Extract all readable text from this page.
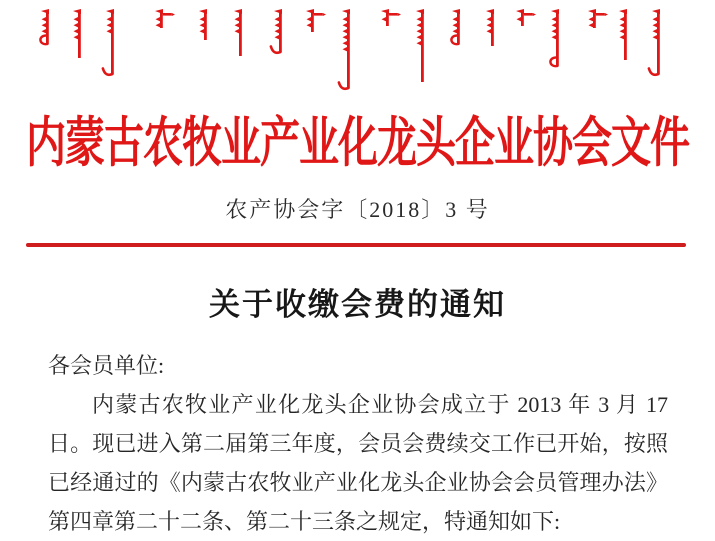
内蒙古农牧业产业化龙头企业协会文件
农产协会字〔2018〕3 号
关于收缴会费的通知
各会员单位:
内蒙古农牧业产业化龙头企业协会成立于 2013 年 3 月 17
日。现已进入第二届第三年度，会员会费续交工作已开始，按照
已经通过的《内蒙古农牧业产业化龙头企业协会会员管理办法》
第四章第二十二条、第二十三条之规定，特通知如下:
